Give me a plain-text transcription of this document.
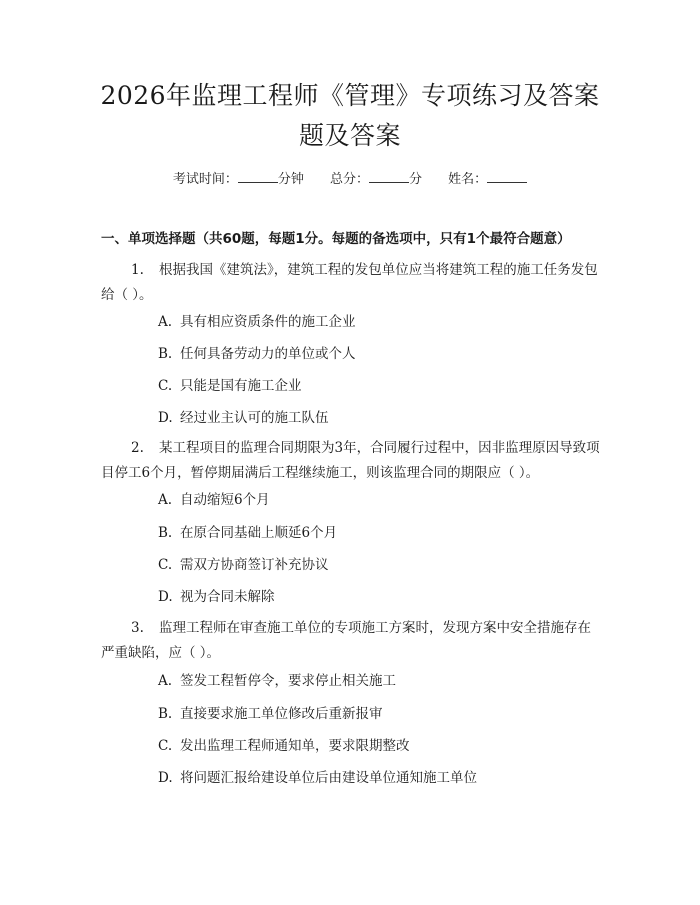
2026年监理工程师《管理》专项练习及答案
题及答案
考试时间：	分钟 总分：	分 姓名：
一、单项选择题（共60题，每题1分。每题的备选项中，只有1个最符合题意）

1. 根据我国《建筑法》，建筑工程的发包单位应当将建筑工程的施工任务发包给（ ）。

A. 具有相应资质条件的施工企业
B. 任何具备劳动力的单位或个人
C. 只能是国有施工企业
D. 经过业主认可的施工队伍

2. 某工程项目的监理合同期限为3年，合同履行过程中，因非监理原因导致项目停工6个月，暂停期届满后工程继续施工，则该监理合同的期限应（ ）。

A. 自动缩短6个月
B. 在原合同基础上顺延6个月
C. 需双方协商签订补充协议
D. 视为合同未解除

3. 监理工程师在审查施工单位的专项施工方案时，发现方案中安全措施存在严重缺陷，应（ ）。

A. 签发工程暂停令，要求停止相关施工
B. 直接要求施工单位修改后重新报审
C. 发出监理工程师通知单，要求限期整改
D. 将问题汇报给建设单位后由建设单位通知施工单位
